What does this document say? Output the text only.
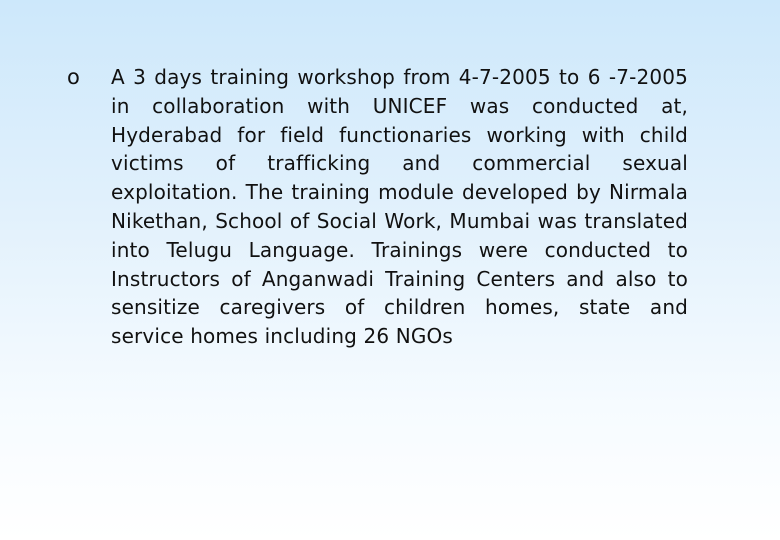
o A 3 days training workshop from 4-7-2005 to 6 -7-2005 in collaboration with UNICEF was conducted at, Hyderabad for field functionaries working with child victims of trafficking and commercial sexual exploitation. The training module developed by Nirmala Nikethan, School of Social Work, Mumbai was translated into Telugu Language. Trainings were conducted to Instructors of Anganwadi Training Centers and also to sensitize caregivers of children homes, state and service homes including 26 NGOs
